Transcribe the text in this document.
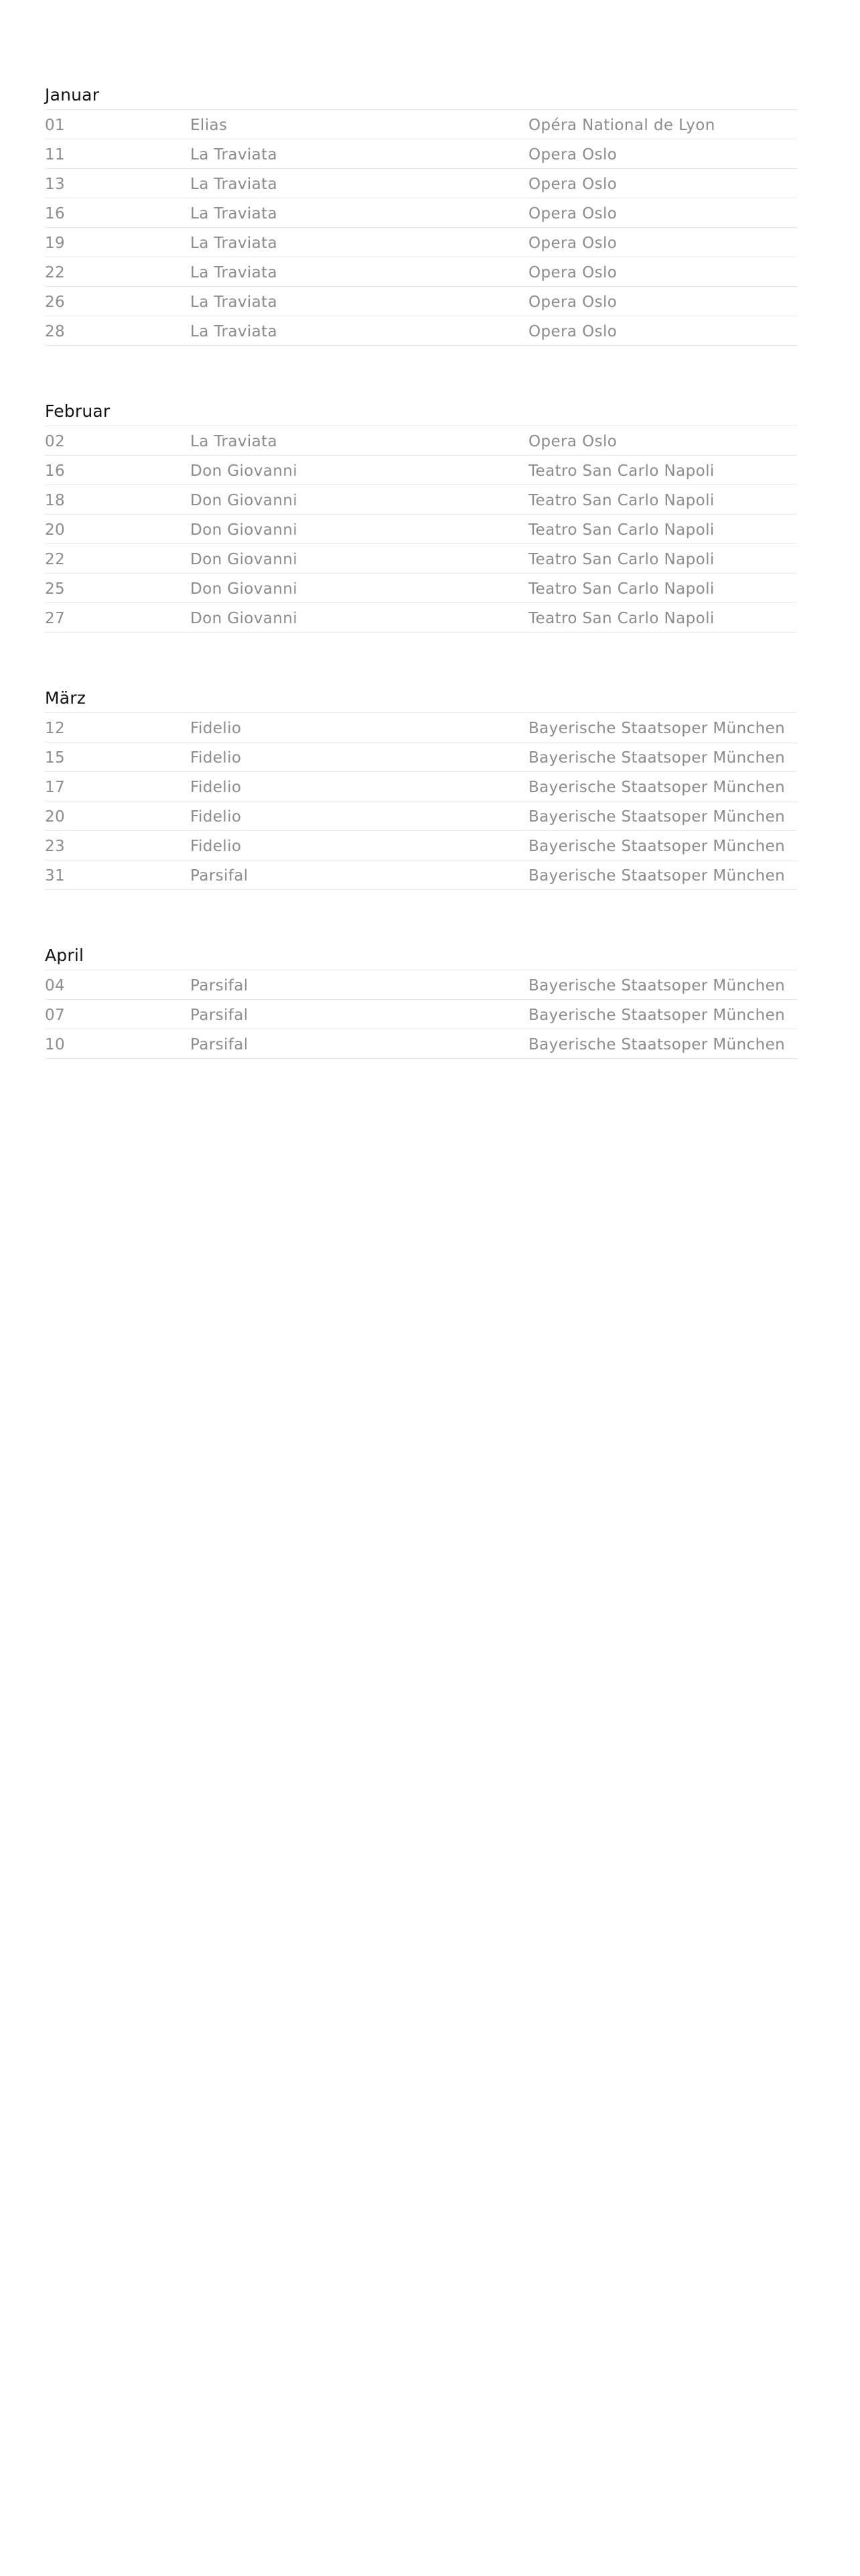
Januar
01	Elias	Opéra National de Lyon
11	La Traviata	Opera Oslo
13	La Traviata	Opera Oslo
16	La Traviata	Opera Oslo
19	La Traviata	Opera Oslo
22	La Traviata	Opera Oslo
26	La Traviata	Opera Oslo
28	La Traviata	Opera Oslo
Februar
02	La Traviata	Opera Oslo
16	Don Giovanni	Teatro San Carlo Napoli
18	Don Giovanni	Teatro San Carlo Napoli
20	Don Giovanni	Teatro San Carlo Napoli
22	Don Giovanni	Teatro San Carlo Napoli
25	Don Giovanni	Teatro San Carlo Napoli
27	Don Giovanni	Teatro San Carlo Napoli
März
12	Fidelio	Bayerische Staatsoper München
15	Fidelio	Bayerische Staatsoper München
17	Fidelio	Bayerische Staatsoper München
20	Fidelio	Bayerische Staatsoper München
23	Fidelio	Bayerische Staatsoper München
31	Parsifal	Bayerische Staatsoper München
April
04	Parsifal	Bayerische Staatsoper München
07	Parsifal	Bayerische Staatsoper München
10	Parsifal	Bayerische Staatsoper München
